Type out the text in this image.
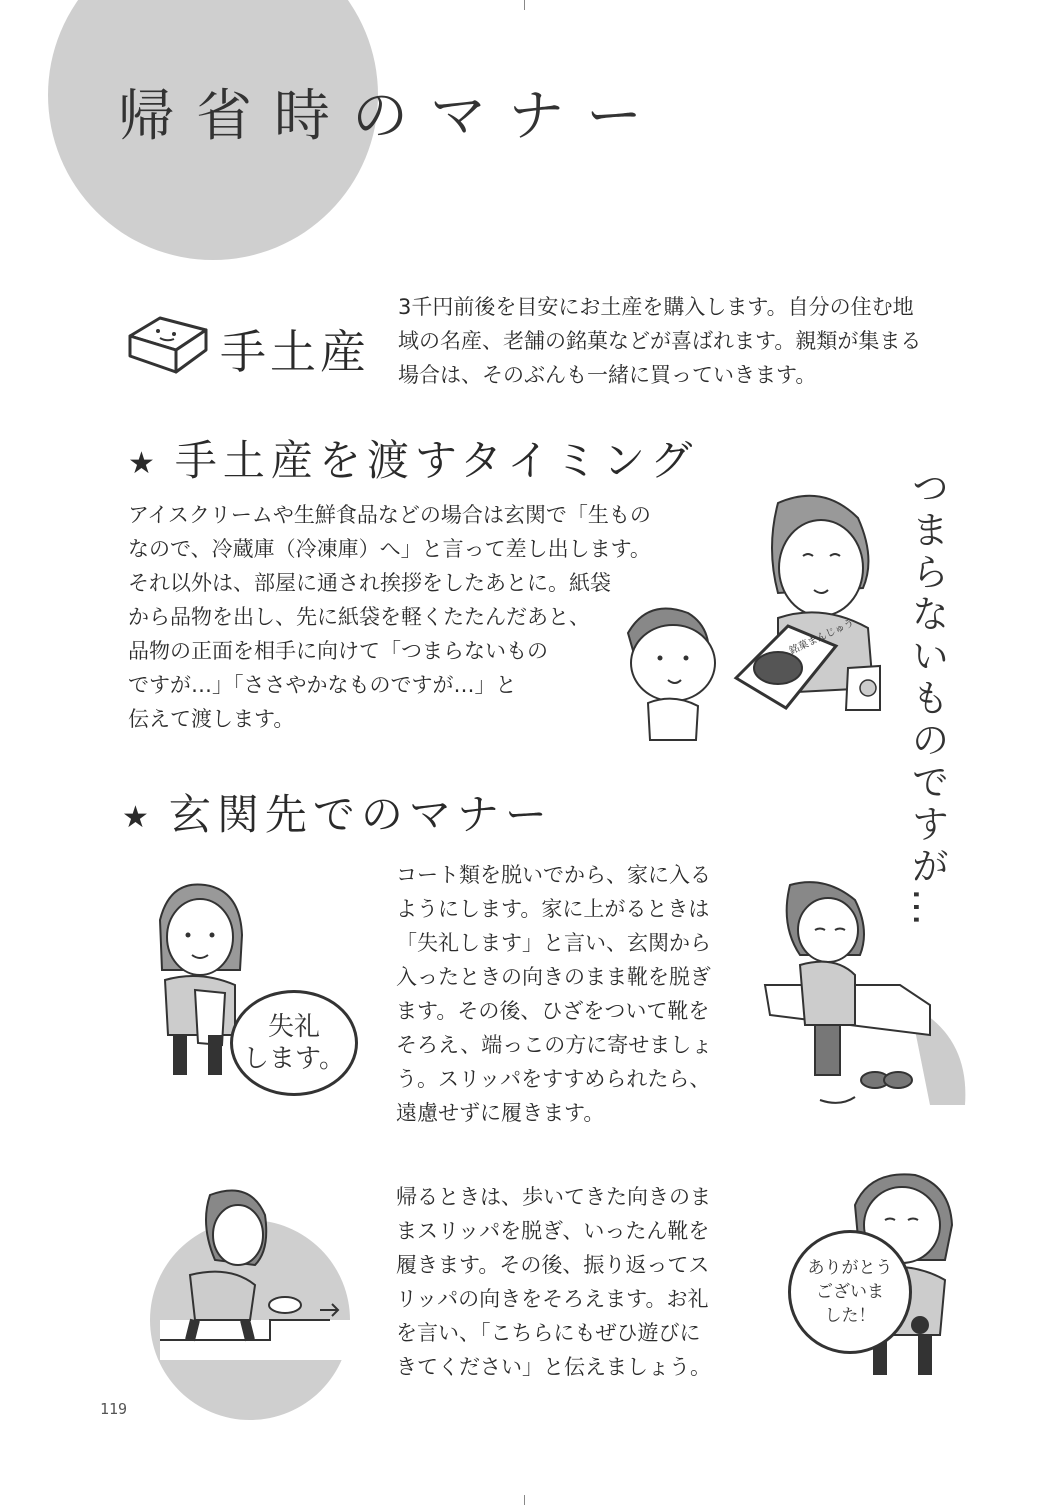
帰省時のマナー
手土産

3千円前後を目安にお土産を購入します。自分の住む地
域の名産、老舗の銘菓などが喜ばれます。親類が集まる
場合は、そのぶんも一緒に買っていきます。

★ 手土産を渡すタイミング

アイスクリームや生鮮食品などの場合は玄関で「生もの
なので、冷蔵庫（冷凍庫）へ」と言って差し出します。
それ以外は、部屋に通され挨拶をしたあとに。紙袋
から品物を出し、先に紙袋を軽くたたんだあと、
品物の正面を相手に向けて「つまらないもの
ですが…」「ささやかなものですが…」と
伝えて渡します。	つまらないものですが…
銘菓まんじゅう
★ 玄関先でのマナー

コート類を脱いでから、家に入る
ようにします。家に上がるときは
「失礼します」と言い、玄関から
入ったときの向きのまま靴を脱ぎ
ます。その後、ひざをついて靴を
そろえ、端っこの方に寄せましょ
う。スリッパをすすめられたら、
遠慮せずに履きます。

失礼
します。

帰るときは、歩いてきた向きのま
まスリッパを脱ぎ、いったん靴を
履きます。その後、振り返ってス
リッパの向きをそろえます。お礼
を言い、「こちらにもぜひ遊びに
きてください」と伝えましょう。

ありがとう
ございま
した！
119
